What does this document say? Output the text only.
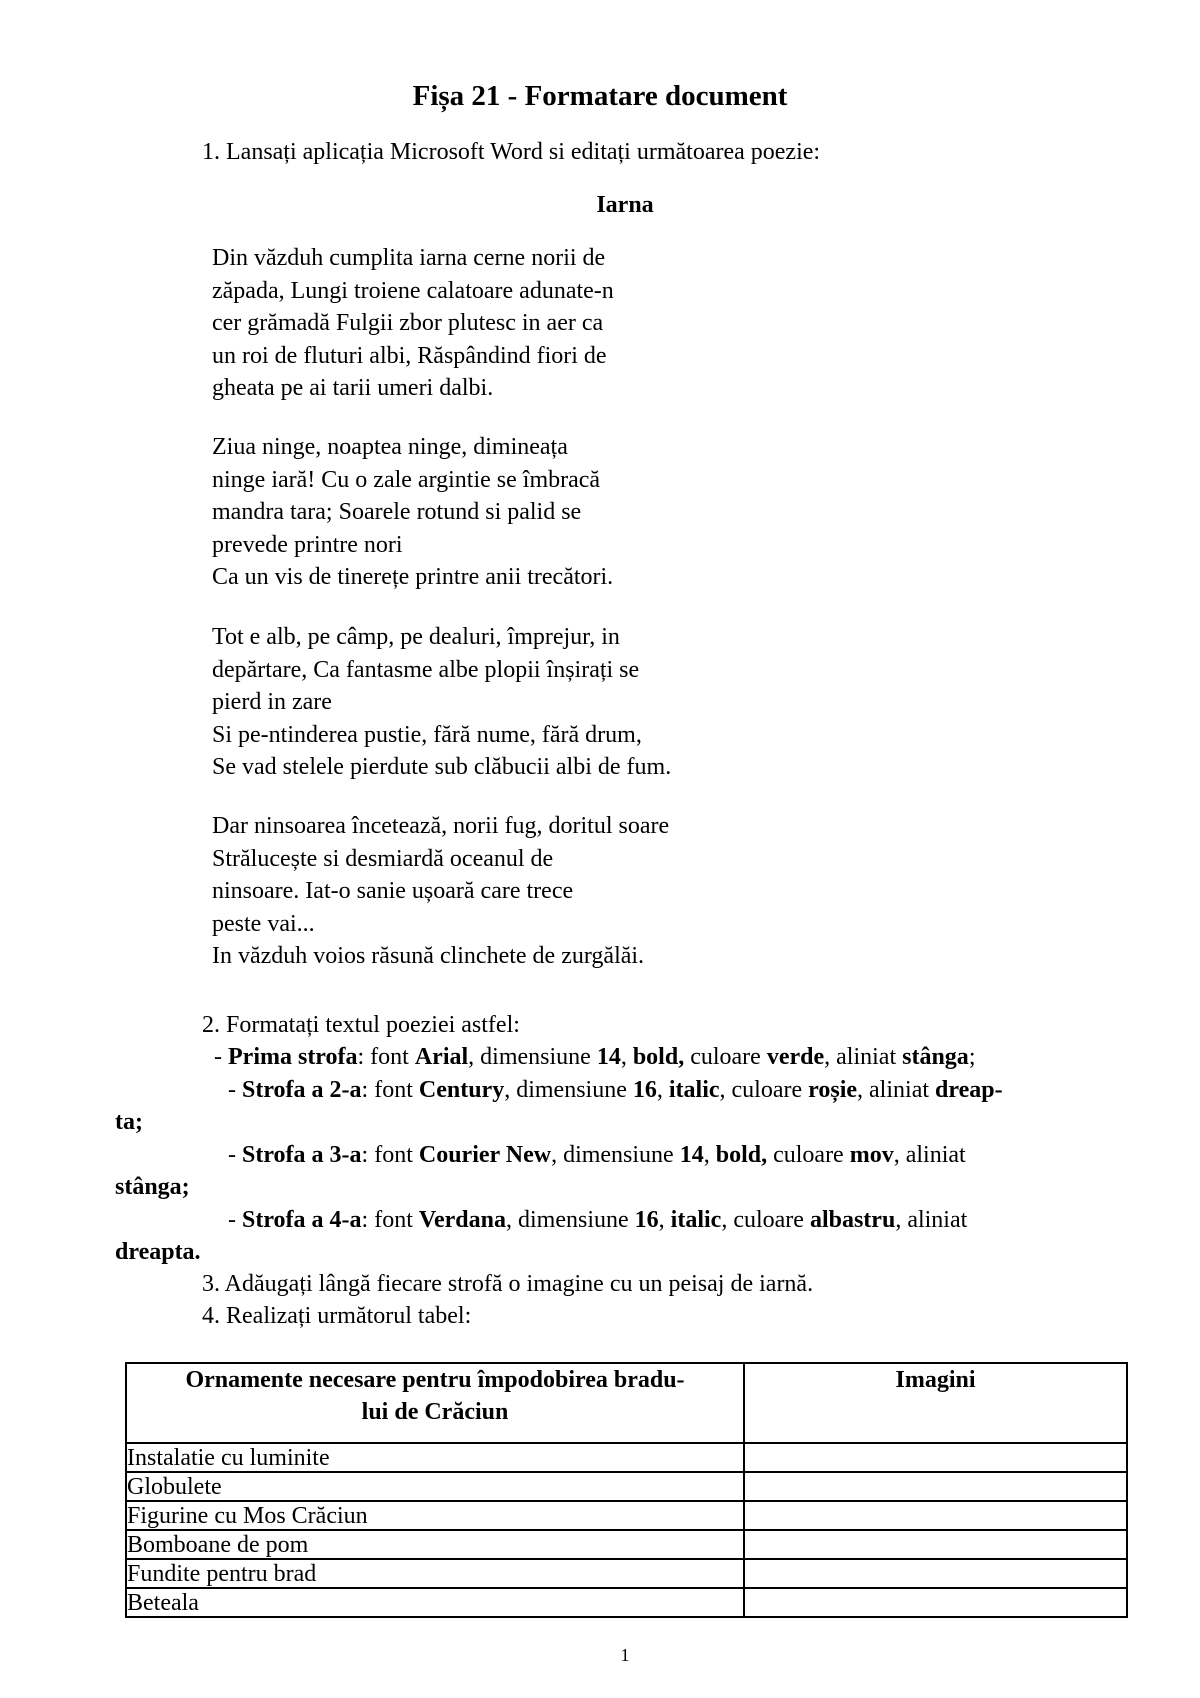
Fișa 21 - Formatare document
1. Lansați aplicația Microsoft Word si editați următoarea poezie:
Iarna
Din văzduh cumplita iarna cerne norii de
zăpada, Lungi troiene calatoare adunate-n
cer grămadă Fulgii zbor plutesc in aer ca
un roi de fluturi albi, Răspândind fiori de
gheata pe ai tarii umeri dalbi.
Ziua ninge, noaptea ninge, dimineața
ninge iară! Cu o zale argintie se îmbracă
mandra tara; Soarele rotund si palid se
prevede printre nori
Ca un vis de tinerețe printre anii trecători.
Tot e alb, pe câmp, pe dealuri, împrejur, in
depărtare, Ca fantasme albe plopii înșirați se
pierd in zare
Si pe-ntinderea pustie, fără nume, fără drum,
Se vad stelele pierdute sub clăbucii albi de fum.
Dar ninsoarea încetează, norii fug, doritul soare
Strălucește si desmiardă oceanul de
ninsoare. Iat-o sanie ușoară care trece
peste vai...
In văzduh voios răsună clinchete de zurgălăi.
2. Formatați textul poeziei astfel:
- Prima strofa: font Arial, dimensiune 14, bold, culoare verde, aliniat stânga;
- Strofa a 2-a: font Century, dimensiune 16, italic, culoare roșie, aliniat dreap-
ta;
- Strofa a 3-a: font Courier New, dimensiune 14, bold, culoare mov, aliniat
stânga;
- Strofa a 4-a: font Verdana, dimensiune 16, italic, culoare albastru, aliniat
dreapta.
3. Adăugați lângă fiecare strofă o imagine cu un peisaj de iarnă.
4. Realizați următorul tabel:
Ornamente necesare pentru împodobirea bradu-
lui de Crăciun	Imagini
Instalatie cu luminite	
Globulete	
Figurine cu Mos Crăciun	
Bomboane de pom	
Fundite pentru brad	
Beteala	
1
